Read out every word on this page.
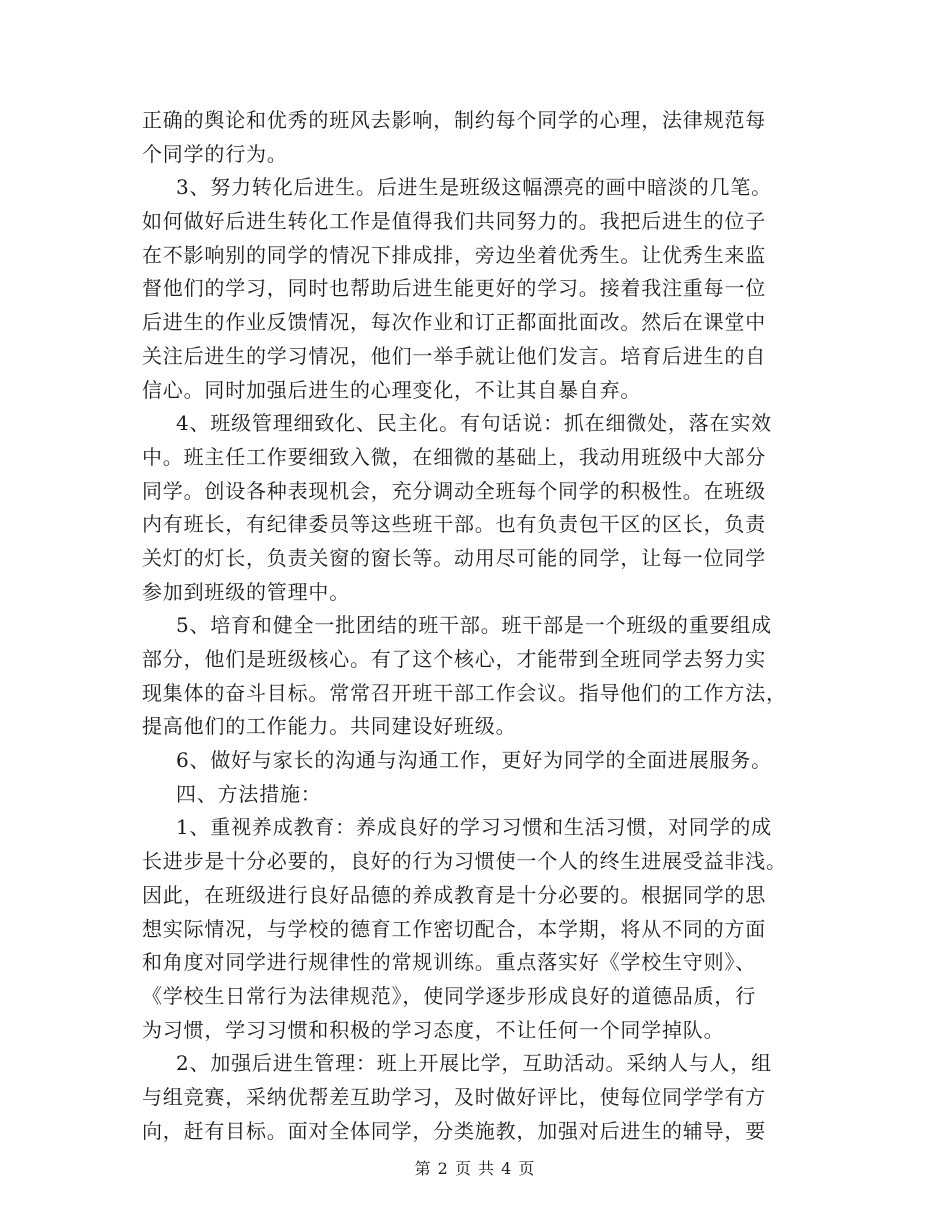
正确的舆论和优秀的班风去影响，制约每个同学的心理，法律规范每
个同学的行为。
3、努力转化后进生。后进生是班级这幅漂亮的画中暗淡的几笔。
如何做好后进生转化工作是值得我们共同努力的。我把后进生的位子
在不影响别的同学的情况下排成排，旁边坐着优秀生。让优秀生来监
督他们的学习，同时也帮助后进生能更好的学习。接着我注重每一位
后进生的作业反馈情况，每次作业和订正都面批面改。然后在课堂中
关注后进生的学习情况，他们一举手就让他们发言。培育后进生的自
信心。同时加强后进生的心理变化，不让其自暴自弃。
4、班级管理细致化、民主化。有句话说：抓在细微处，落在实效
中。班主任工作要细致入微，在细微的基础上，我动用班级中大部分
同学。创设各种表现机会，充分调动全班每个同学的积极性。在班级
内有班长，有纪律委员等这些班干部。也有负责包干区的区长，负责
关灯的灯长，负责关窗的窗长等。动用尽可能的同学，让每一位同学
参加到班级的管理中。
5、培育和健全一批团结的班干部。班干部是一个班级的重要组成
部分，他们是班级核心。有了这个核心，才能带到全班同学去努力实
现集体的奋斗目标。常常召开班干部工作会议。指导他们的工作方法，
提高他们的工作能力。共同建设好班级。
6、做好与家长的沟通与沟通工作，更好为同学的全面进展服务。
四、方法措施：
1、重视养成教育：养成良好的学习习惯和生活习惯，对同学的成
长进步是十分必要的，良好的行为习惯使一个人的终生进展受益非浅。
因此，在班级进行良好品德的养成教育是十分必要的。根据同学的思
想实际情况，与学校的德育工作密切配合，本学期，将从不同的方面
和角度对同学进行规律性的常规训练。重点落实好《学校生守则》、
《学校生日常行为法律规范》，使同学逐步形成良好的道德品质，行
为习惯，学习习惯和积极的学习态度，不让任何一个同学掉队。
2、加强后进生管理：班上开展比学，互助活动。采纳人与人，组
与组竞赛，采纳优帮差互助学习，及时做好评比，使每位同学学有方
向，赶有目标。面对全体同学，分类施教，加强对后进生的辅导，要
第 2 页 共 4 页
